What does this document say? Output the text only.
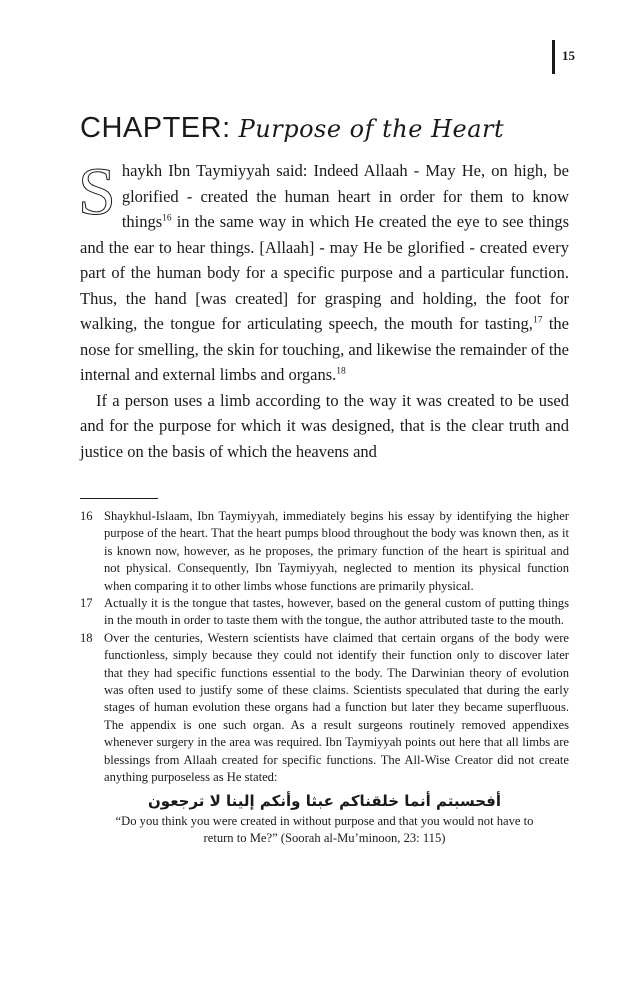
15
CHAPTER: Purpose of the Heart

Shaykh Ibn Taymiyyah said: Indeed Allaah - May He, on high, be glorified - created the human heart in order for them to know things$^{16}$ in the same way in which He created the eye to see things and the ear to hear things. [Allaah] - may He be glorified - created every part of the human body for a specific purpose and a particular function. Thus, the hand [was created] for grasping and holding, the foot for walking, the tongue for articulating speech, the mouth for tasting,$^{17}$ the nose for smelling, the skin for touching, and likewise the remainder of the internal and external limbs and organs.$^{18}$

If a person uses a limb according to the way it was created to be used and for the purpose for which it was designed, that is the clear truth and justice on the basis of which the heavens and

16 Shaykhul-Islaam, Ibn Taymiyyah, immediately begins his essay by identifying the higher purpose of the heart. That the heart pumps blood throughout the body was known then, as it is known now, however, as he proposes, the primary function of the heart is spiritual and not physical. Consequently, Ibn Taymiyyah, neglected to mention its physical function when comparing it to other limbs whose functions are primarily physical.

17 Actually it is the tongue that tastes, however, based on the general custom of putting things in the mouth in order to taste them with the tongue, the author attributed taste to the mouth.

18 Over the centuries, Western scientists have claimed that certain organs of the body were functionless, simply because they could not identify their function only to discover later that they had specific functions essential to the body. The Darwinian theory of evolution was often used to justify some of these claims. Scientists speculated that during the early stages of human evolution these organs had a function but later they became superfluous. The appendix is one such organ. As a result surgeons routinely removed appendixes whenever surgery in the area was required. Ibn Taymiyyah points out here that all limbs are blessings from Allaah created for specific functions. The All-Wise Creator did not create anything purposeless as He stated:

أفحسبتم أنما خلقناكم عبثا وأنكم إلينا لا ترجعون

“Do you think you were created in without purpose and that you would not have to return to Me?” (Soorah al-Mu’minoon, 23: 115)
